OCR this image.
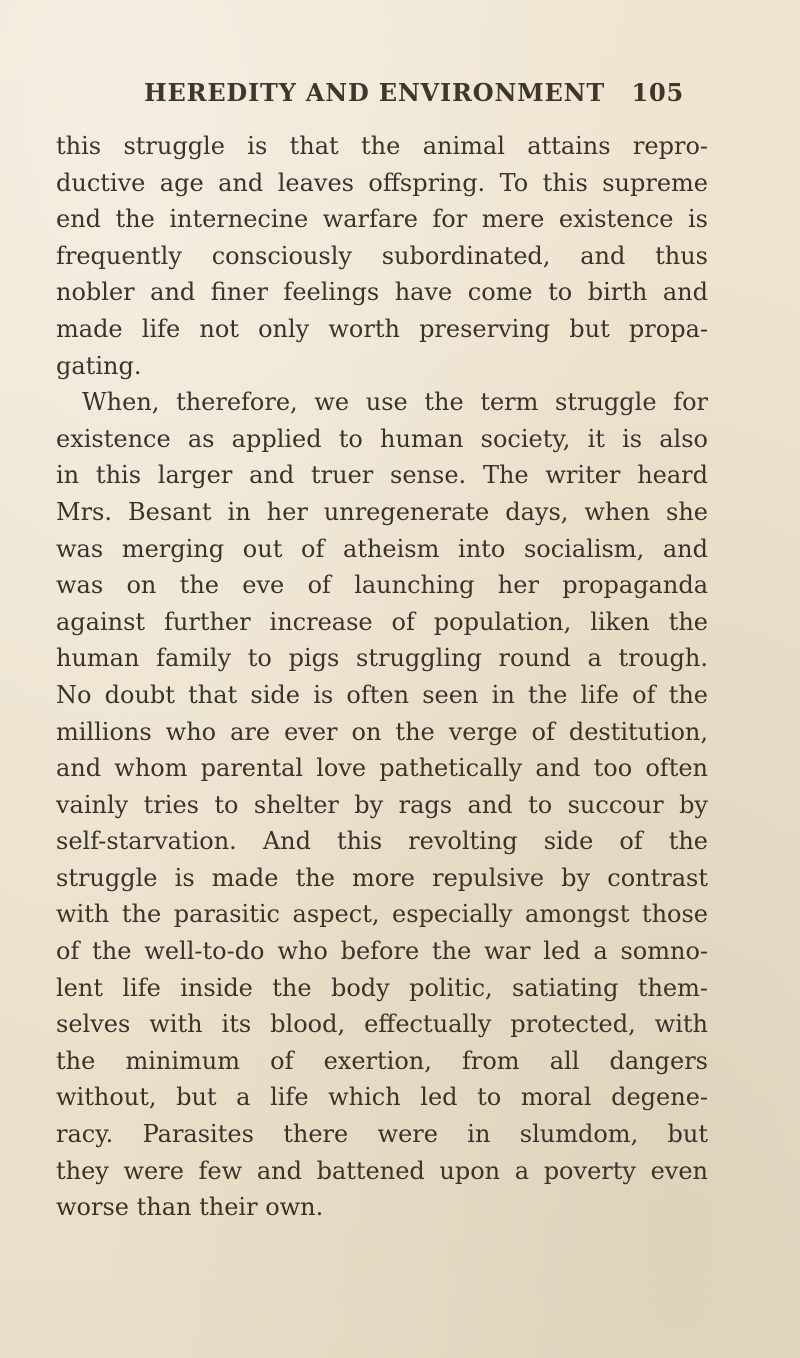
HEREDITY AND ENVIRONMENT 105
this struggle is that the animal attains repro-
ductive age and leaves offspring. To this supreme
end the internecine warfare for mere existence is
frequently consciously subordinated, and thus
nobler and finer feelings have come to birth and
made life not only worth preserving but propa-
gating.
When, therefore, we use the term struggle for
existence as applied to human society, it is also
in this larger and truer sense. The writer heard
Mrs. Besant in her unregenerate days, when she
was merging out of atheism into socialism, and
was on the eve of launching her propaganda
against further increase of population, liken the
human family to pigs struggling round a trough.
No doubt that side is often seen in the life of the
millions who are ever on the verge of destitution,
and whom parental love pathetically and too often
vainly tries to shelter by rags and to succour by
self-starvation. And this revolting side of the
struggle is made the more repulsive by contrast
with the parasitic aspect, especially amongst those
of the well-to-do who before the war led a somno-
lent life inside the body politic, satiating them-
selves with its blood, effectually protected, with
the minimum of exertion, from all dangers
without, but a life which led to moral degene-
racy. Parasites there were in slumdom, but
they were few and battened upon a poverty even
worse than their own.
